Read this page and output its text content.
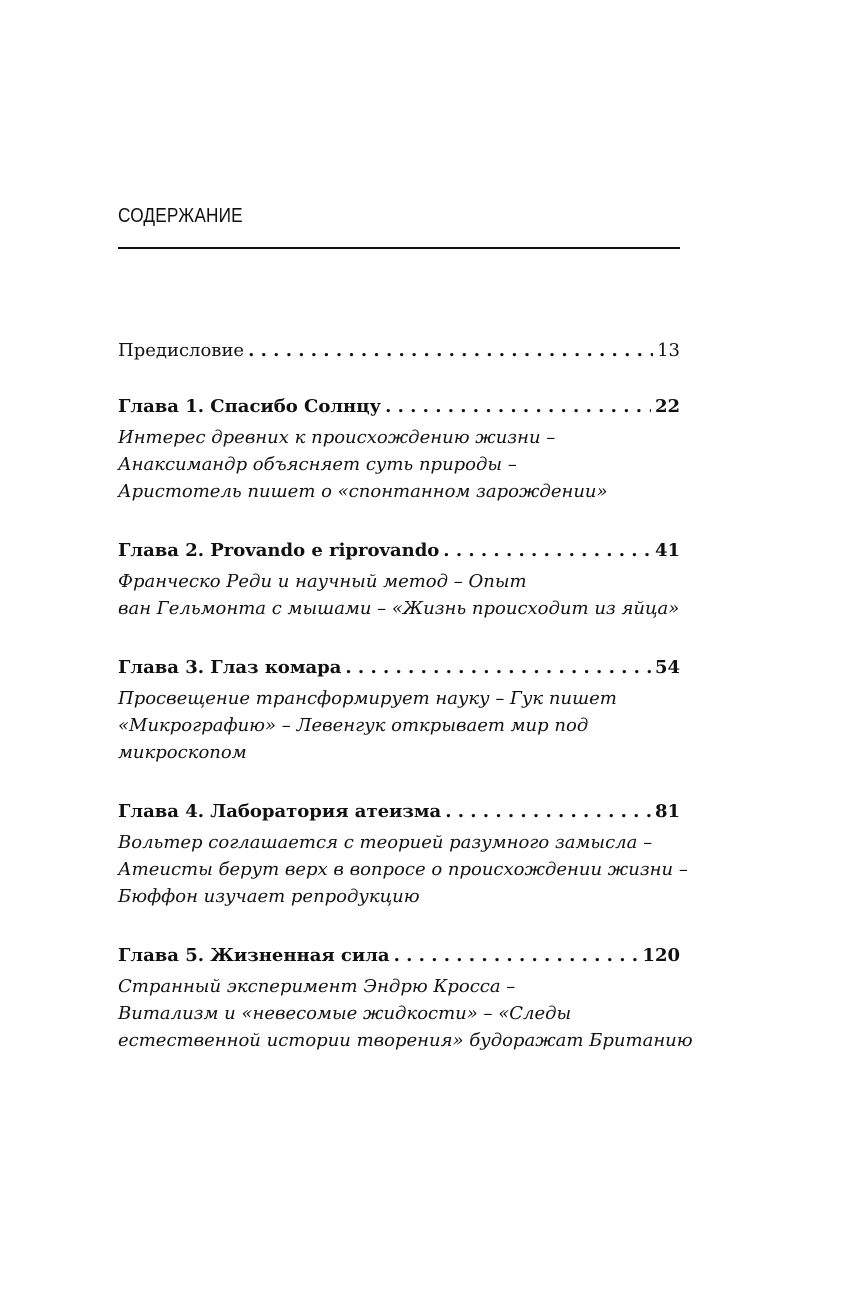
СОДЕРЖАНИЕ
Предисловие . . .	13
Глава 1. Спасибо Солнцу . . .	22
Интерес древних к происхождению жизни –
Анаксимандр объясняет суть природы –
Аристотель пишет о «спонтанном зарождении»
Глава 2. Provando e riprovando . . .	41
Франческо Реди и научный метод – Опыт
ван Гельмонта с мышами – «Жизнь происходит из яйца»
Глава 3. Глаз комара . . .	54
Просвещение трансформирует науку – Гук пишет
«Микрографию» – Левенгук открывает мир под
микроскопом
Глава 4. Лаборатория атеизма . . .	81
Вольтер соглашается с теорией разумного замысла –
Атеисты берут верх в вопросе о происхождении жизни –
Бюффон изучает репродукцию
Глава 5. Жизненная сила . . .	120
Странный эксперимент Эндрю Кросса –
Витализм и «невесомые жидкости» – «Следы
естественной истории творения» будоражат Британию
